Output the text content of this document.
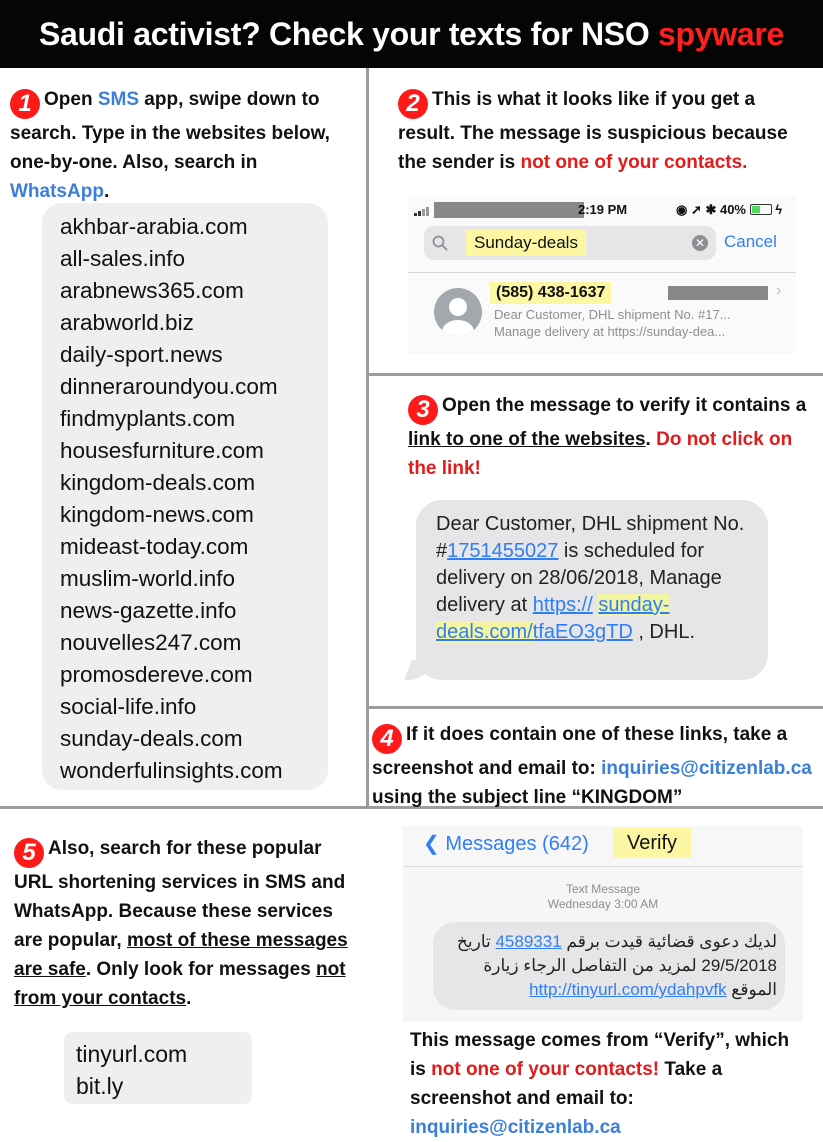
Saudi activist? Check your texts for NSO spyware
1 Open SMS app, swipe down to search. Type in the websites below, one-by-one. Also, search in WhatsApp.
akhbar-arabia.com
all-sales.info
arabnews365.com
arabworld.biz
daily-sport.news
dinneraroundyou.com
findmyplants.com
housesfurniture.com
kingdom-deals.com
kingdom-news.com
mideast-today.com
muslim-world.info
news-gazette.info
nouvelles247.com
promosdereve.com
social-life.info
sunday-deals.com
wonderfulinsights.com
2 This is what it looks like if you get a result. The message is suspicious because the sender is not one of your contacts.
2:19 PM	◉ ➚ ✱ 40%  ϟ
Sunday-deals	✕ Cancel
(585) 438-1637	›
Dear Customer, DHL shipment No. #17...
Manage delivery at https://sunday-dea...
3 Open the message to verify it contains a link to one of the websites. Do not click on the link!
Dear Customer, DHL shipment No. #1751455027 is scheduled for delivery on 28/06/2018, Manage delivery at https:// sunday-deals.com/tfaEO3gTD , DHL.
4 If it does contain one of these links, take a screenshot and email to: inquiries@citizenlab.ca using the subject line “KINGDOM”
5 Also, search for these popular URL shortening services in SMS and WhatsApp. Because these services are popular, most of these messages are safe. Only look for messages not from your contacts.
tinyurl.com
bit.ly
❮ Messages (642)	Verify
Text Message
Wednesday 3:00 AM
لديك دعوى قضائية قيدت برقم 4589331 تاريخ
29/5/2018 لمزيد من التفاصل الرجاء زيارة
الموقع http://tinyurl.com/ydahpvfk
This message comes from “Verify”, which is not one of your contacts! Take a screenshot and email to: inquiries@citizenlab.ca
